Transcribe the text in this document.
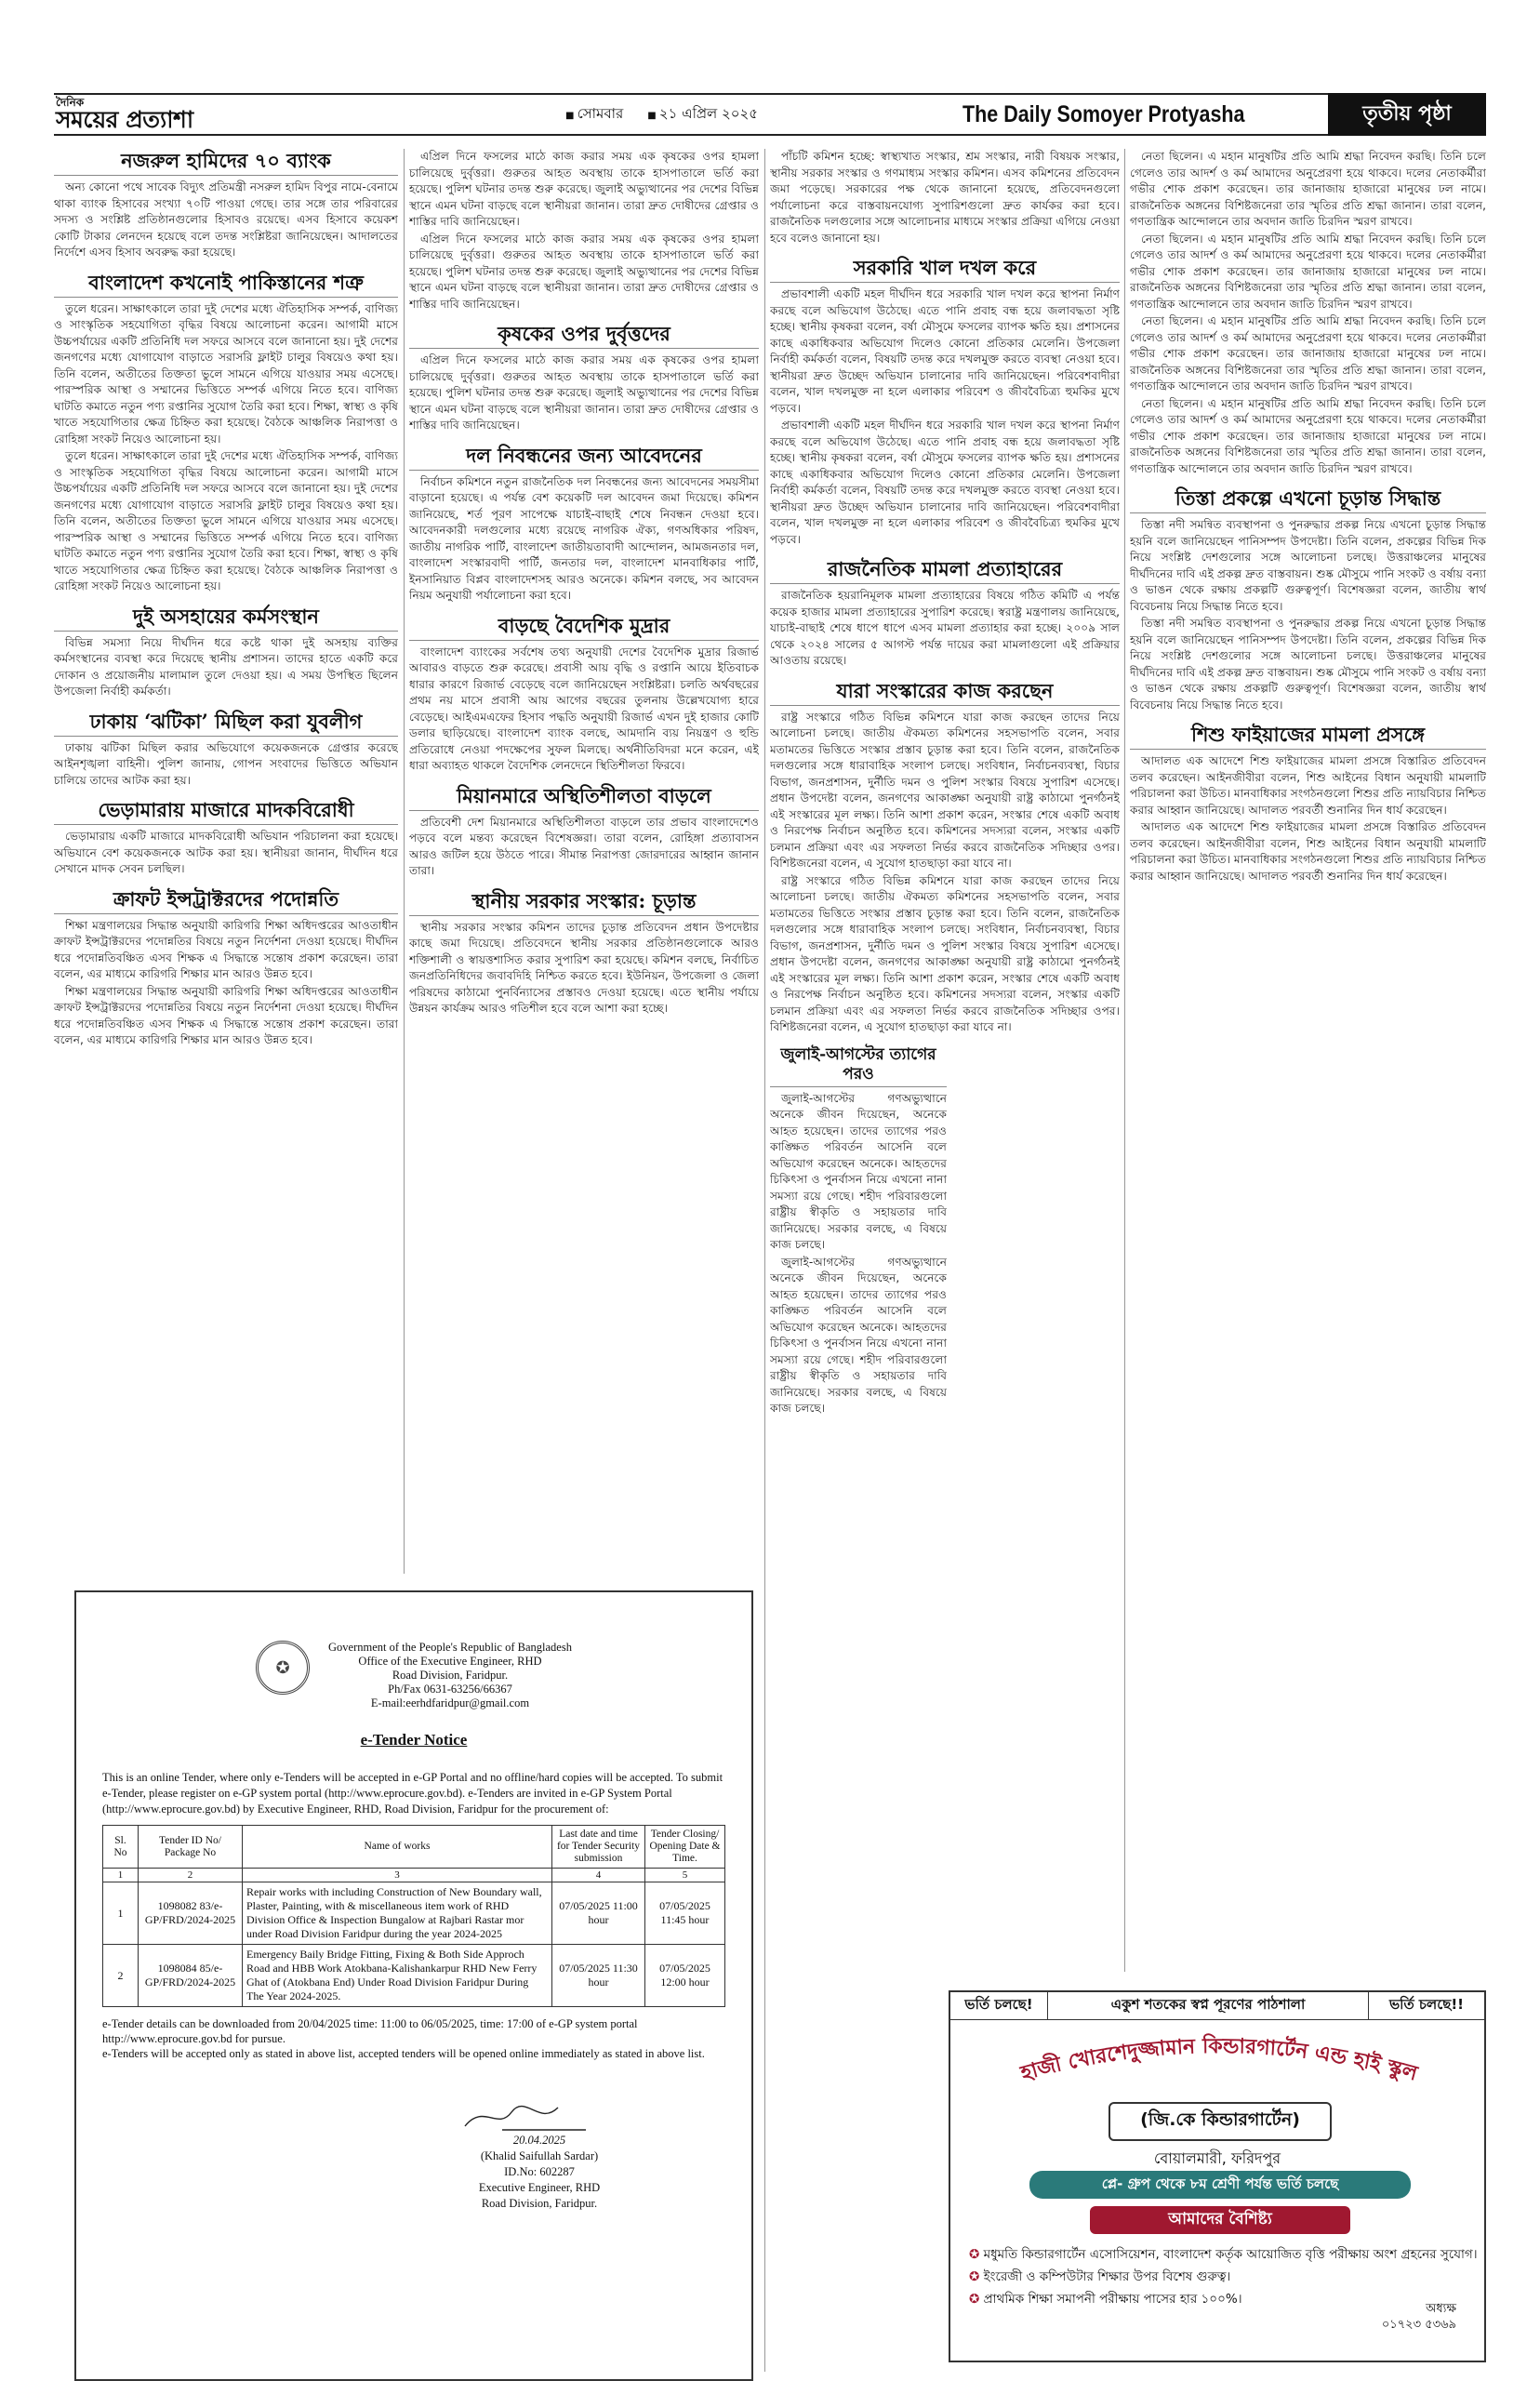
দৈনিক
সময়ের প্রত্যাশা	■ সোমবার	■ ২১ এপ্রিল ২০২৫	The Daily Somoyer Protyasha	তৃতীয় পৃষ্ঠা
নজরুল হামিদের ৭০ ব্যাংক

অন্য কোনো পথে সাবেক বিদ্যুৎ প্রতিমন্ত্রী নসরুল হামিদ বিপুর নামে-বেনামে থাকা ব্যাংক হিসাবের সংখ্যা ৭০টি পাওয়া গেছে। তার সঙ্গে তার পরিবারের সদস্য ও সংশ্লিষ্ট প্রতিষ্ঠানগুলোর হিসাবও রয়েছে। এসব হিসাবে কয়েকশ কোটি টাকার লেনদেন হয়েছে বলে তদন্ত সংশ্লিষ্টরা জানিয়েছেন। আদালতের নির্দেশে এসব হিসাব অবরুদ্ধ করা হয়েছে।

বাংলাদেশ কখনোই পাকিস্তানের শত্রু

তুলে ধরেন। সাক্ষাৎকালে তারা দুই দেশের মধ্যে ঐতিহাসিক সম্পর্ক, বাণিজ্য ও সাংস্কৃতিক সহযোগিতা বৃদ্ধির বিষয়ে আলোচনা করেন। আগামী মাসে উচ্চপর্যায়ের একটি প্রতিনিধি দল সফরে আসবে বলে জানানো হয়। দুই দেশের জনগণের মধ্যে যোগাযোগ বাড়াতে সরাসরি ফ্লাইট চালুর বিষয়েও কথা হয়। তিনি বলেন, অতীতের তিক্ততা ভুলে সামনে এগিয়ে যাওয়ার সময় এসেছে। পারস্পরিক আস্থা ও সম্মানের ভিত্তিতে সম্পর্ক এগিয়ে নিতে হবে। বাণিজ্য ঘাটতি কমাতে নতুন পণ্য রপ্তানির সুযোগ তৈরি করা হবে। শিক্ষা, স্বাস্থ্য ও কৃষি খাতে সহযোগিতার ক্ষেত্র চিহ্নিত করা হয়েছে। বৈঠকে আঞ্চলিক নিরাপত্তা ও রোহিঙ্গা সংকট নিয়েও আলোচনা হয়।

তুলে ধরেন। সাক্ষাৎকালে তারা দুই দেশের মধ্যে ঐতিহাসিক সম্পর্ক, বাণিজ্য ও সাংস্কৃতিক সহযোগিতা বৃদ্ধির বিষয়ে আলোচনা করেন। আগামী মাসে উচ্চপর্যায়ের একটি প্রতিনিধি দল সফরে আসবে বলে জানানো হয়। দুই দেশের জনগণের মধ্যে যোগাযোগ বাড়াতে সরাসরি ফ্লাইট চালুর বিষয়েও কথা হয়। তিনি বলেন, অতীতের তিক্ততা ভুলে সামনে এগিয়ে যাওয়ার সময় এসেছে। পারস্পরিক আস্থা ও সম্মানের ভিত্তিতে সম্পর্ক এগিয়ে নিতে হবে। বাণিজ্য ঘাটতি কমাতে নতুন পণ্য রপ্তানির সুযোগ তৈরি করা হবে। শিক্ষা, স্বাস্থ্য ও কৃষি খাতে সহযোগিতার ক্ষেত্র চিহ্নিত করা হয়েছে। বৈঠকে আঞ্চলিক নিরাপত্তা ও রোহিঙ্গা সংকট নিয়েও আলোচনা হয়।

দুই অসহায়ের কর্মসংস্থান

বিভিন্ন সমস্যা নিয়ে দীর্ঘদিন ধরে কষ্টে থাকা দুই অসহায় ব্যক্তির কর্মসংস্থানের ব্যবস্থা করে দিয়েছে স্থানীয় প্রশাসন। তাদের হাতে একটি করে দোকান ও প্রয়োজনীয় মালামাল তুলে দেওয়া হয়। এ সময় উপস্থিত ছিলেন উপজেলা নির্বাহী কর্মকর্তা।

ঢাকায় ‘ঝটিকা’ মিছিল করা যুবলীগ

ঢাকায় ঝটিকা মিছিল করার অভিযোগে কয়েকজনকে গ্রেপ্তার করেছে আইনশৃঙ্খলা বাহিনী। পুলিশ জানায়, গোপন সংবাদের ভিত্তিতে অভিযান চালিয়ে তাদের আটক করা হয়।

ভেড়ামারায় মাজারে মাদকবিরোধী

ভেড়ামারায় একটি মাজারে মাদকবিরোধী অভিযান পরিচালনা করা হয়েছে। অভিযানে বেশ কয়েকজনকে আটক করা হয়। স্থানীয়রা জানান, দীর্ঘদিন ধরে সেখানে মাদক সেবন চলছিল।

ক্রাফট ইন্সট্রাক্টরদের পদোন্নতি

শিক্ষা মন্ত্রণালয়ের সিদ্ধান্ত অনুযায়ী কারিগরি শিক্ষা অধিদপ্তরের আওতাধীন ক্রাফট ইন্সট্রাক্টরদের পদোন্নতির বিষয়ে নতুন নির্দেশনা দেওয়া হয়েছে। দীর্ঘদিন ধরে পদোন্নতিবঞ্চিত এসব শিক্ষক এ সিদ্ধান্তে সন্তোষ প্রকাশ করেছেন। তারা বলেন, এর মাধ্যমে কারিগরি শিক্ষার মান আরও উন্নত হবে।

শিক্ষা মন্ত্রণালয়ের সিদ্ধান্ত অনুযায়ী কারিগরি শিক্ষা অধিদপ্তরের আওতাধীন ক্রাফট ইন্সট্রাক্টরদের পদোন্নতির বিষয়ে নতুন নির্দেশনা দেওয়া হয়েছে। দীর্ঘদিন ধরে পদোন্নতিবঞ্চিত এসব শিক্ষক এ সিদ্ধান্তে সন্তোষ প্রকাশ করেছেন। তারা বলেন, এর মাধ্যমে কারিগরি শিক্ষার মান আরও উন্নত হবে।

এপ্রিল দিনে ফসলের মাঠে কাজ করার সময় এক কৃষকের ওপর হামলা চালিয়েছে দুর্বৃত্তরা। গুরুতর আহত অবস্থায় তাকে হাসপাতালে ভর্তি করা হয়েছে। পুলিশ ঘটনার তদন্ত শুরু করেছে। জুলাই অভ্যুত্থানের পর দেশের বিভিন্ন স্থানে এমন ঘটনা বাড়ছে বলে স্থানীয়রা জানান। তারা দ্রুত দোষীদের গ্রেপ্তার ও শাস্তির দাবি জানিয়েছেন।

এপ্রিল দিনে ফসলের মাঠে কাজ করার সময় এক কৃষকের ওপর হামলা চালিয়েছে দুর্বৃত্তরা। গুরুতর আহত অবস্থায় তাকে হাসপাতালে ভর্তি করা হয়েছে। পুলিশ ঘটনার তদন্ত শুরু করেছে। জুলাই অভ্যুত্থানের পর দেশের বিভিন্ন স্থানে এমন ঘটনা বাড়ছে বলে স্থানীয়রা জানান। তারা দ্রুত দোষীদের গ্রেপ্তার ও শাস্তির দাবি জানিয়েছেন।

কৃষকের ওপর দুর্বৃত্তদের

এপ্রিল দিনে ফসলের মাঠে কাজ করার সময় এক কৃষকের ওপর হামলা চালিয়েছে দুর্বৃত্তরা। গুরুতর আহত অবস্থায় তাকে হাসপাতালে ভর্তি করা হয়েছে। পুলিশ ঘটনার তদন্ত শুরু করেছে। জুলাই অভ্যুত্থানের পর দেশের বিভিন্ন স্থানে এমন ঘটনা বাড়ছে বলে স্থানীয়রা জানান। তারা দ্রুত দোষীদের গ্রেপ্তার ও শাস্তির দাবি জানিয়েছেন।

দল নিবন্ধনের জন্য আবেদনের

নির্বাচন কমিশনে নতুন রাজনৈতিক দল নিবন্ধনের জন্য আবেদনের সময়সীমা বাড়ানো হয়েছে। এ পর্যন্ত বেশ কয়েকটি দল আবেদন জমা দিয়েছে। কমিশন জানিয়েছে, শর্ত পূরণ সাপেক্ষে যাচাই-বাছাই শেষে নিবন্ধন দেওয়া হবে। আবেদনকারী দলগুলোর মধ্যে রয়েছে নাগরিক ঐক্য, গণঅধিকার পরিষদ, জাতীয় নাগরিক পার্টি, বাংলাদেশ জাতীয়তাবাদী আন্দোলন, আমজনতার দল, বাংলাদেশ সংস্কারবাদী পার্টি, জনতার দল, বাংলাদেশ মানবাধিকার পার্টি, ইনসানিয়াত বিপ্লব বাংলাদেশসহ আরও অনেকে। কমিশন বলছে, সব আবেদন নিয়ম অনুযায়ী পর্যালোচনা করা হবে।

বাড়ছে বৈদেশিক মুদ্রার

বাংলাদেশ ব্যাংকের সর্বশেষ তথ্য অনুযায়ী দেশের বৈদেশিক মুদ্রার রিজার্ভ আবারও বাড়তে শুরু করেছে। প্রবাসী আয় বৃদ্ধি ও রপ্তানি আয়ে ইতিবাচক ধারার কারণে রিজার্ভ বেড়েছে বলে জানিয়েছেন সংশ্লিষ্টরা। চলতি অর্থবছরের প্রথম নয় মাসে প্রবাসী আয় আগের বছরের তুলনায় উল্লেখযোগ্য হারে বেড়েছে। আইএমএফের হিসাব পদ্ধতি অনুযায়ী রিজার্ভ এখন দুই হাজার কোটি ডলার ছাড়িয়েছে। বাংলাদেশ ব্যাংক বলছে, আমদানি ব্যয় নিয়ন্ত্রণ ও হুন্ডি প্রতিরোধে নেওয়া পদক্ষেপের সুফল মিলছে। অর্থনীতিবিদরা মনে করেন, এই ধারা অব্যাহত থাকলে বৈদেশিক লেনদেনে স্থিতিশীলতা ফিরবে।

মিয়ানমারে অস্থিতিশীলতা বাড়লে

প্রতিবেশী দেশ মিয়ানমারে অস্থিতিশীলতা বাড়লে তার প্রভাব বাংলাদেশেও পড়বে বলে মন্তব্য করেছেন বিশেষজ্ঞরা। তারা বলেন, রোহিঙ্গা প্রত্যাবাসন আরও জটিল হয়ে উঠতে পারে। সীমান্ত নিরাপত্তা জোরদারের আহ্বান জানান তারা।

স্থানীয় সরকার সংস্কার: চূড়ান্ত

স্থানীয় সরকার সংস্কার কমিশন তাদের চূড়ান্ত প্রতিবেদন প্রধান উপদেষ্টার কাছে জমা দিয়েছে। প্রতিবেদনে স্থানীয় সরকার প্রতিষ্ঠানগুলোকে আরও শক্তিশালী ও স্বায়ত্তশাসিত করার সুপারিশ করা হয়েছে। কমিশন বলছে, নির্বাচিত জনপ্রতিনিধিদের জবাবদিহি নিশ্চিত করতে হবে। ইউনিয়ন, উপজেলা ও জেলা পরিষদের কাঠামো পুনর্বিন্যাসের প্রস্তাবও দেওয়া হয়েছে। এতে স্থানীয় পর্যায়ে উন্নয়ন কার্যক্রম আরও গতিশীল হবে বলে আশা করা হচ্ছে।

পাঁচটি কমিশন হচ্ছে: স্বাস্থ্যখাত সংস্কার, শ্রম সংস্কার, নারী বিষয়ক সংস্কার, স্থানীয় সরকার সংস্কার ও গণমাধ্যম সংস্কার কমিশন। এসব কমিশনের প্রতিবেদন জমা পড়েছে। সরকারের পক্ষ থেকে জানানো হয়েছে, প্রতিবেদনগুলো পর্যালোচনা করে বাস্তবায়নযোগ্য সুপারিশগুলো দ্রুত কার্যকর করা হবে। রাজনৈতিক দলগুলোর সঙ্গে আলোচনার মাধ্যমে সংস্কার প্রক্রিয়া এগিয়ে নেওয়া হবে বলেও জানানো হয়।

সরকারি খাল দখল করে

প্রভাবশালী একটি মহল দীর্ঘদিন ধরে সরকারি খাল দখল করে স্থাপনা নির্মাণ করছে বলে অভিযোগ উঠেছে। এতে পানি প্রবাহ বন্ধ হয়ে জলাবদ্ধতা সৃষ্টি হচ্ছে। স্থানীয় কৃষকরা বলেন, বর্ষা মৌসুমে ফসলের ব্যাপক ক্ষতি হয়। প্রশাসনের কাছে একাধিকবার অভিযোগ দিলেও কোনো প্রতিকার মেলেনি। উপজেলা নির্বাহী কর্মকর্তা বলেন, বিষয়টি তদন্ত করে দখলমুক্ত করতে ব্যবস্থা নেওয়া হবে। স্থানীয়রা দ্রুত উচ্ছেদ অভিযান চালানোর দাবি জানিয়েছেন। পরিবেশবাদীরা বলেন, খাল দখলমুক্ত না হলে এলাকার পরিবেশ ও জীববৈচিত্র্য হুমকির মুখে পড়বে।

প্রভাবশালী একটি মহল দীর্ঘদিন ধরে সরকারি খাল দখল করে স্থাপনা নির্মাণ করছে বলে অভিযোগ উঠেছে। এতে পানি প্রবাহ বন্ধ হয়ে জলাবদ্ধতা সৃষ্টি হচ্ছে। স্থানীয় কৃষকরা বলেন, বর্ষা মৌসুমে ফসলের ব্যাপক ক্ষতি হয়। প্রশাসনের কাছে একাধিকবার অভিযোগ দিলেও কোনো প্রতিকার মেলেনি। উপজেলা নির্বাহী কর্মকর্তা বলেন, বিষয়টি তদন্ত করে দখলমুক্ত করতে ব্যবস্থা নেওয়া হবে। স্থানীয়রা দ্রুত উচ্ছেদ অভিযান চালানোর দাবি জানিয়েছেন। পরিবেশবাদীরা বলেন, খাল দখলমুক্ত না হলে এলাকার পরিবেশ ও জীববৈচিত্র্য হুমকির মুখে পড়বে।

রাজনৈতিক মামলা প্রত্যাহারের

রাজনৈতিক হয়রানিমূলক মামলা প্রত্যাহারের বিষয়ে গঠিত কমিটি এ পর্যন্ত কয়েক হাজার মামলা প্রত্যাহারের সুপারিশ করেছে। স্বরাষ্ট্র মন্ত্রণালয় জানিয়েছে, যাচাই-বাছাই শেষে ধাপে ধাপে এসব মামলা প্রত্যাহার করা হচ্ছে। ২০০৯ সাল থেকে ২০২৪ সালের ৫ আগস্ট পর্যন্ত দায়ের করা মামলাগুলো এই প্রক্রিয়ার আওতায় রয়েছে।

যারা সংস্কারের কাজ করছেন

রাষ্ট্র সংস্কারে গঠিত বিভিন্ন কমিশনে যারা কাজ করছেন তাদের নিয়ে আলোচনা চলছে। জাতীয় ঐকমত্য কমিশনের সহসভাপতি বলেন, সবার মতামতের ভিত্তিতে সংস্কার প্রস্তাব চূড়ান্ত করা হবে। তিনি বলেন, রাজনৈতিক দলগুলোর সঙ্গে ধারাবাহিক সংলাপ চলছে। সংবিধান, নির্বাচনব্যবস্থা, বিচার বিভাগ, জনপ্রশাসন, দুর্নীতি দমন ও পুলিশ সংস্কার বিষয়ে সুপারিশ এসেছে। প্রধান উপদেষ্টা বলেন, জনগণের আকাঙ্ক্ষা অনুযায়ী রাষ্ট্র কাঠামো পুনর্গঠনই এই সংস্কারের মূল লক্ষ্য। তিনি আশা প্রকাশ করেন, সংস্কার শেষে একটি অবাধ ও নিরপেক্ষ নির্বাচন অনুষ্ঠিত হবে। কমিশনের সদস্যরা বলেন, সংস্কার একটি চলমান প্রক্রিয়া এবং এর সফলতা নির্ভর করবে রাজনৈতিক সদিচ্ছার ওপর। বিশিষ্টজনেরা বলেন, এ সুযোগ হাতছাড়া করা যাবে না।

রাষ্ট্র সংস্কারে গঠিত বিভিন্ন কমিশনে যারা কাজ করছেন তাদের নিয়ে আলোচনা চলছে। জাতীয় ঐকমত্য কমিশনের সহসভাপতি বলেন, সবার মতামতের ভিত্তিতে সংস্কার প্রস্তাব চূড়ান্ত করা হবে। তিনি বলেন, রাজনৈতিক দলগুলোর সঙ্গে ধারাবাহিক সংলাপ চলছে। সংবিধান, নির্বাচনব্যবস্থা, বিচার বিভাগ, জনপ্রশাসন, দুর্নীতি দমন ও পুলিশ সংস্কার বিষয়ে সুপারিশ এসেছে। প্রধান উপদেষ্টা বলেন, জনগণের আকাঙ্ক্ষা অনুযায়ী রাষ্ট্র কাঠামো পুনর্গঠনই এই সংস্কারের মূল লক্ষ্য। তিনি আশা প্রকাশ করেন, সংস্কার শেষে একটি অবাধ ও নিরপেক্ষ নির্বাচন অনুষ্ঠিত হবে। কমিশনের সদস্যরা বলেন, সংস্কার একটি চলমান প্রক্রিয়া এবং এর সফলতা নির্ভর করবে রাজনৈতিক সদিচ্ছার ওপর। বিশিষ্টজনেরা বলেন, এ সুযোগ হাতছাড়া করা যাবে না।

জুলাই-আগস্টের ত্যাগের পরও

জুলাই-আগস্টের গণঅভ্যুত্থানে অনেকে জীবন দিয়েছেন, অনেকে আহত হয়েছেন। তাদের ত্যাগের পরও কাঙ্ক্ষিত পরিবর্তন আসেনি বলে অভিযোগ করেছেন অনেকে। আহতদের চিকিৎসা ও পুনর্বাসন নিয়ে এখনো নানা সমস্যা রয়ে গেছে। শহীদ পরিবারগুলো রাষ্ট্রীয় স্বীকৃতি ও সহায়তার দাবি জানিয়েছে। সরকার বলছে, এ বিষয়ে কাজ চলছে।

জুলাই-আগস্টের গণঅভ্যুত্থানে অনেকে জীবন দিয়েছেন, অনেকে আহত হয়েছেন। তাদের ত্যাগের পরও কাঙ্ক্ষিত পরিবর্তন আসেনি বলে অভিযোগ করেছেন অনেকে। আহতদের চিকিৎসা ও পুনর্বাসন নিয়ে এখনো নানা সমস্যা রয়ে গেছে। শহীদ পরিবারগুলো রাষ্ট্রীয় স্বীকৃতি ও সহায়তার দাবি জানিয়েছে। সরকার বলছে, এ বিষয়ে কাজ চলছে।

নেতা ছিলেন। এ মহান মানুষটির প্রতি আমি শ্রদ্ধা নিবেদন করছি। তিনি চলে গেলেও তার আদর্শ ও কর্ম আমাদের অনুপ্রেরণা হয়ে থাকবে। দলের নেতাকর্মীরা গভীর শোক প্রকাশ করেছেন। তার জানাজায় হাজারো মানুষের ঢল নামে। রাজনৈতিক অঙ্গনের বিশিষ্টজনেরা তার স্মৃতির প্রতি শ্রদ্ধা জানান। তারা বলেন, গণতান্ত্রিক আন্দোলনে তার অবদান জাতি চিরদিন স্মরণ রাখবে।

নেতা ছিলেন। এ মহান মানুষটির প্রতি আমি শ্রদ্ধা নিবেদন করছি। তিনি চলে গেলেও তার আদর্শ ও কর্ম আমাদের অনুপ্রেরণা হয়ে থাকবে। দলের নেতাকর্মীরা গভীর শোক প্রকাশ করেছেন। তার জানাজায় হাজারো মানুষের ঢল নামে। রাজনৈতিক অঙ্গনের বিশিষ্টজনেরা তার স্মৃতির প্রতি শ্রদ্ধা জানান। তারা বলেন, গণতান্ত্রিক আন্দোলনে তার অবদান জাতি চিরদিন স্মরণ রাখবে।

নেতা ছিলেন। এ মহান মানুষটির প্রতি আমি শ্রদ্ধা নিবেদন করছি। তিনি চলে গেলেও তার আদর্শ ও কর্ম আমাদের অনুপ্রেরণা হয়ে থাকবে। দলের নেতাকর্মীরা গভীর শোক প্রকাশ করেছেন। তার জানাজায় হাজারো মানুষের ঢল নামে। রাজনৈতিক অঙ্গনের বিশিষ্টজনেরা তার স্মৃতির প্রতি শ্রদ্ধা জানান। তারা বলেন, গণতান্ত্রিক আন্দোলনে তার অবদান জাতি চিরদিন স্মরণ রাখবে।

নেতা ছিলেন। এ মহান মানুষটির প্রতি আমি শ্রদ্ধা নিবেদন করছি। তিনি চলে গেলেও তার আদর্শ ও কর্ম আমাদের অনুপ্রেরণা হয়ে থাকবে। দলের নেতাকর্মীরা গভীর শোক প্রকাশ করেছেন। তার জানাজায় হাজারো মানুষের ঢল নামে। রাজনৈতিক অঙ্গনের বিশিষ্টজনেরা তার স্মৃতির প্রতি শ্রদ্ধা জানান। তারা বলেন, গণতান্ত্রিক আন্দোলনে তার অবদান জাতি চিরদিন স্মরণ রাখবে।

তিস্তা প্রকল্পে এখনো চূড়ান্ত সিদ্ধান্ত

তিস্তা নদী সমন্বিত ব্যবস্থাপনা ও পুনরুদ্ধার প্রকল্প নিয়ে এখনো চূড়ান্ত সিদ্ধান্ত হয়নি বলে জানিয়েছেন পানিসম্পদ উপদেষ্টা। তিনি বলেন, প্রকল্পের বিভিন্ন দিক নিয়ে সংশ্লিষ্ট দেশগুলোর সঙ্গে আলোচনা চলছে। উত্তরাঞ্চলের মানুষের দীর্ঘদিনের দাবি এই প্রকল্প দ্রুত বাস্তবায়ন। শুষ্ক মৌসুমে পানি সংকট ও বর্ষায় বন্যা ও ভাঙন থেকে রক্ষায় প্রকল্পটি গুরুত্বপূর্ণ। বিশেষজ্ঞরা বলেন, জাতীয় স্বার্থ বিবেচনায় নিয়ে সিদ্ধান্ত নিতে হবে।

তিস্তা নদী সমন্বিত ব্যবস্থাপনা ও পুনরুদ্ধার প্রকল্প নিয়ে এখনো চূড়ান্ত সিদ্ধান্ত হয়নি বলে জানিয়েছেন পানিসম্পদ উপদেষ্টা। তিনি বলেন, প্রকল্পের বিভিন্ন দিক নিয়ে সংশ্লিষ্ট দেশগুলোর সঙ্গে আলোচনা চলছে। উত্তরাঞ্চলের মানুষের দীর্ঘদিনের দাবি এই প্রকল্প দ্রুত বাস্তবায়ন। শুষ্ক মৌসুমে পানি সংকট ও বর্ষায় বন্যা ও ভাঙন থেকে রক্ষায় প্রকল্পটি গুরুত্বপূর্ণ। বিশেষজ্ঞরা বলেন, জাতীয় স্বার্থ বিবেচনায় নিয়ে সিদ্ধান্ত নিতে হবে।

শিশু ফাইয়াজের মামলা প্রসঙ্গে

আদালত এক আদেশে শিশু ফাইয়াজের মামলা প্রসঙ্গে বিস্তারিত প্রতিবেদন তলব করেছেন। আইনজীবীরা বলেন, শিশু আইনের বিধান অনুযায়ী মামলাটি পরিচালনা করা উচিত। মানবাধিকার সংগঠনগুলো শিশুর প্রতি ন্যায়বিচার নিশ্চিত করার আহ্বান জানিয়েছে। আদালত পরবর্তী শুনানির দিন ধার্য করেছেন।

আদালত এক আদেশে শিশু ফাইয়াজের মামলা প্রসঙ্গে বিস্তারিত প্রতিবেদন তলব করেছেন। আইনজীবীরা বলেন, শিশু আইনের বিধান অনুযায়ী মামলাটি পরিচালনা করা উচিত। মানবাধিকার সংগঠনগুলো শিশুর প্রতি ন্যায়বিচার নিশ্চিত করার আহ্বান জানিয়েছে। আদালত পরবর্তী শুনানির দিন ধার্য করেছেন।

✪
Government of the People's Republic of Bangladesh
Office of the Executive Engineer, RHD
Road Division, Faridpur.
Ph/Fax 0631-63256/66367
E-mail:eerhdfaridpur@gmail.com
e-Tender Notice
This is an online Tender, where only e-Tenders will be accepted in e-GP Portal and no offline/hard copies will be accepted. To submit e-Tender, please register on e-GP system portal (http://www.eprocure.gov.bd). e-Tenders are invited in e-GP System Portal (http://www.eprocure.gov.bd) by Executive Engineer, RHD, Road Division, Faridpur for the procurement of:
Sl. No	Tender ID No/ Package No	Name of works	Last date and time for Tender Security submission	Tender Closing/ Opening Date & Time.
1	2	3	4	5
1	1098082 83/e-GP/FRD/2024-2025	Repair works with including Construction of New Boundary wall, Plaster, Painting, with & miscellaneous item work of RHD Division Office & Inspection Bungalow at Rajbari Rastar mor under Road Division Faridpur during the year 2024-2025	07/05/2025 11:00 hour	07/05/2025 11:45 hour
2	1098084 85/e-GP/FRD/2024-2025	Emergency Baily Bridge Fitting, Fixing & Both Side Approch Road and HBB Work Atokbana-Kalishankarpur RHD New Ferry Ghat of (Atokbana End) Under Road Division Faridpur During The Year 2024-2025.	07/05/2025 11:30 hour	07/05/2025 12:00 hour
e-Tender details can be downloaded from 20/04/2025 time: 11:00 to 06/05/2025, time: 17:00 of e-GP system portal http://www.eprocure.gov.bd for pursue.
e-Tenders will be accepted only as stated in above list, accepted tenders will be opened online immediately as stated in above list.
20.04.2025
(Khalid Saifullah Sardar)
ID.No: 602287
Executive Engineer, RHD
Road Division, Faridpur.
ভর্তি চলছে!	একুশ শতকের স্বপ্ন পূরণের পাঠশালা	ভর্তি চলছে!!
হাজী খোরশেদুজ্জামান কিন্ডারগার্টেন এন্ড হাই স্কুল
(জি.কে কিন্ডারগার্টেন)
বোয়ালমারী, ফরিদপুর
প্লে- গ্রুপ থেকে ৮ম শ্রেণী পর্যন্ত ভর্তি চলছে
আমাদের বৈশিষ্ট্য
✪ মধুমতি কিন্ডারগার্টেন এসোসিয়েশন, বাংলাদেশ কর্তৃক আয়োজিত বৃত্তি পরীক্ষায় অংশ গ্রহনের সুযোগ।
✪ ইংরেজী ও কম্পিউটার শিক্ষার উপর বিশেষ গুরুত্ব।
✪ প্রাথমিক শিক্ষা সমাপনী পরীক্ষায় পাসের হার ১০০%।
অধ্যক্ষ
০১৭২৩ ৫৩৬৯
